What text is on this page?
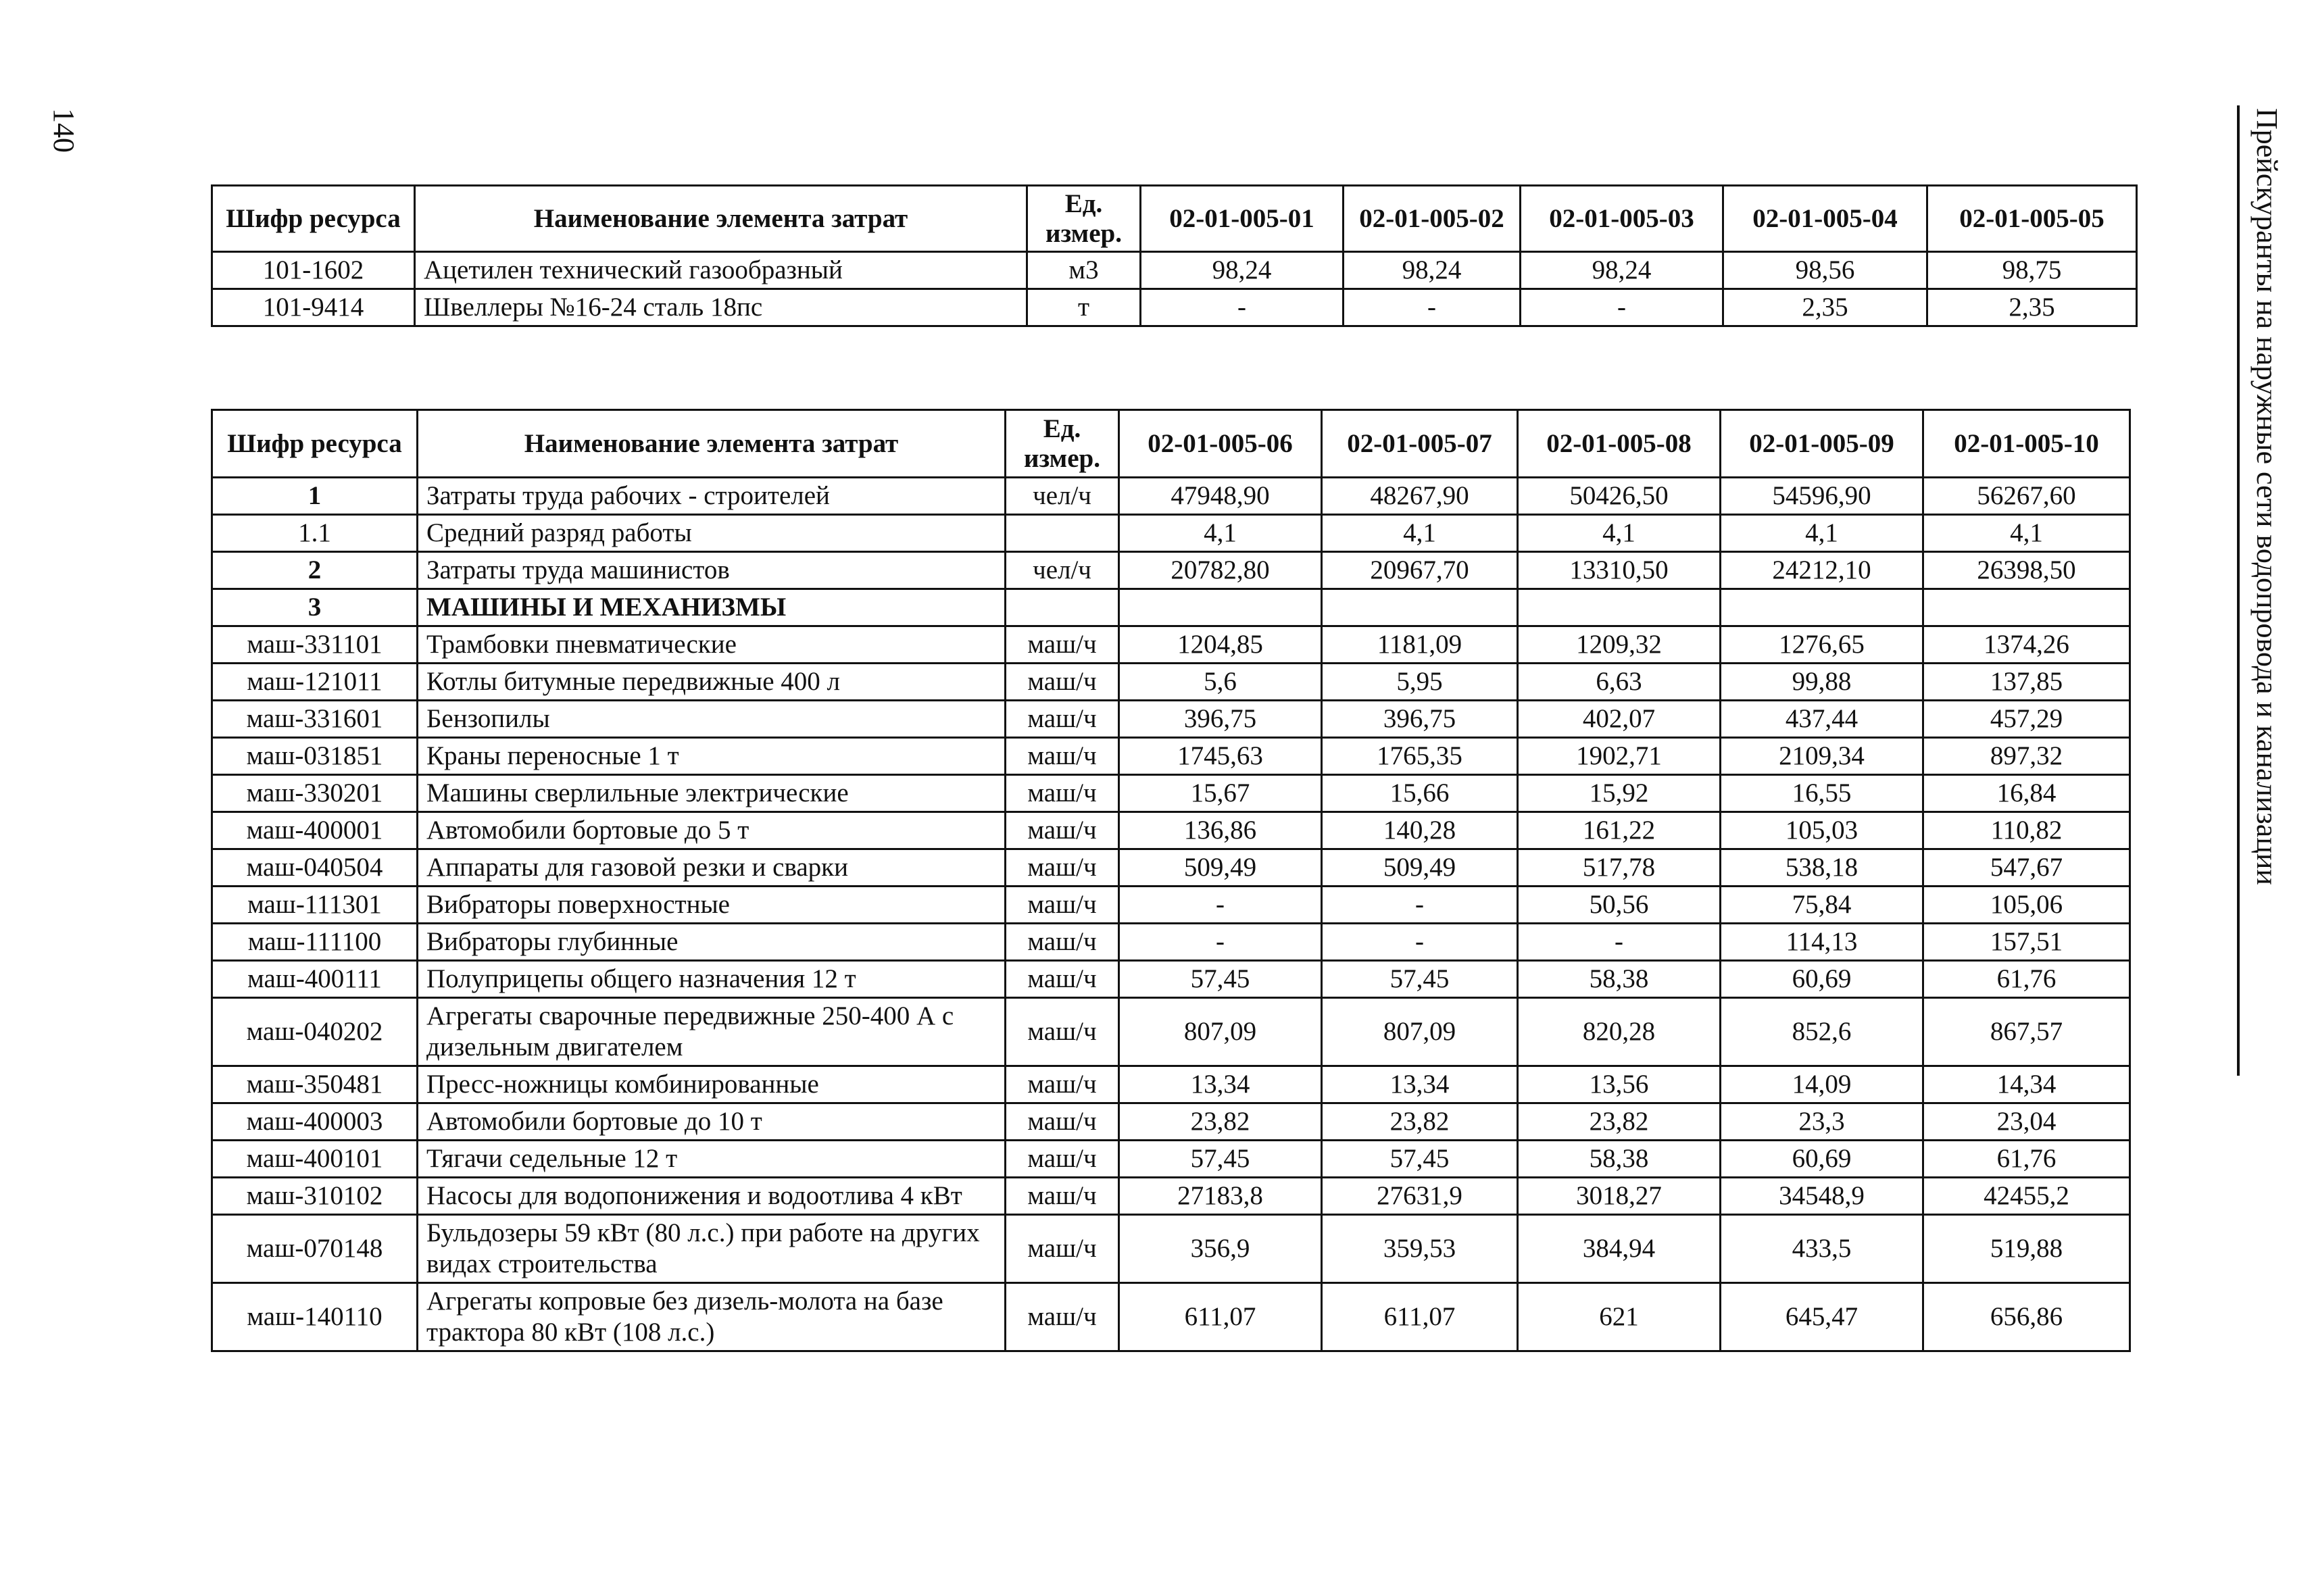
140	Прейскуранты на наружные сети водопровода и канализации
Шифр ресурса	Наименование элемента затрат	Ед. измер.	02-01-005-01	02-01-005-02	02-01-005-03	02-01-005-04	02-01-005-05
101-1602	Ацетилен технический газообразный	м3	98,24	98,24	98,24	98,56	98,75
101-9414	Швеллеры №16-24 сталь 18пс	т	-	-	-	2,35	2,35
Шифр ресурса	Наименование элемента затрат	Ед. измер.	02-01-005-06	02-01-005-07	02-01-005-08	02-01-005-09	02-01-005-10
1	Затраты труда рабочих - строителей	чел/ч	47948,90	48267,90	50426,50	54596,90	56267,60
1.1	Средний разряд работы		4,1	4,1	4,1	4,1	4,1
2	Затраты труда машинистов	чел/ч	20782,80	20967,70	13310,50	24212,10	26398,50
3	МАШИНЫ И МЕХАНИЗМЫ						
маш-331101	Трамбовки пневматические	маш/ч	1204,85	1181,09	1209,32	1276,65	1374,26
маш-121011	Котлы битумные передвижные 400 л	маш/ч	5,6	5,95	6,63	99,88	137,85
маш-331601	Бензопилы	маш/ч	396,75	396,75	402,07	437,44	457,29
маш-031851	Краны переносные 1 т	маш/ч	1745,63	1765,35	1902,71	2109,34	897,32
маш-330201	Машины сверлильные электрические	маш/ч	15,67	15,66	15,92	16,55	16,84
маш-400001	Автомобили бортовые до 5 т	маш/ч	136,86	140,28	161,22	105,03	110,82
маш-040504	Аппараты для газовой резки и сварки	маш/ч	509,49	509,49	517,78	538,18	547,67
маш-111301	Вибраторы поверхностные	маш/ч	-	-	50,56	75,84	105,06
маш-111100	Вибраторы глубинные	маш/ч	-	-	-	114,13	157,51
маш-400111	Полуприцепы общего назначения 12 т	маш/ч	57,45	57,45	58,38	60,69	61,76
маш-040202	Агрегаты сварочные передвижные 250-400 А с дизельным двигателем	маш/ч	807,09	807,09	820,28	852,6	867,57
маш-350481	Пресс-ножницы комбинированные	маш/ч	13,34	13,34	13,56	14,09	14,34
маш-400003	Автомобили бортовые до 10 т	маш/ч	23,82	23,82	23,82	23,3	23,04
маш-400101	Тягачи седельные 12 т	маш/ч	57,45	57,45	58,38	60,69	61,76
маш-310102	Насосы для водопонижения и водоотлива 4 кВт	маш/ч	27183,8	27631,9	3018,27	34548,9	42455,2
маш-070148	Бульдозеры 59 кВт (80 л.с.) при работе на других видах строительства	маш/ч	356,9	359,53	384,94	433,5	519,88
маш-140110	Агрегаты копровые без дизель-молота на базе трактора 80 кВт (108 л.с.)	маш/ч	611,07	611,07	621	645,47	656,86
